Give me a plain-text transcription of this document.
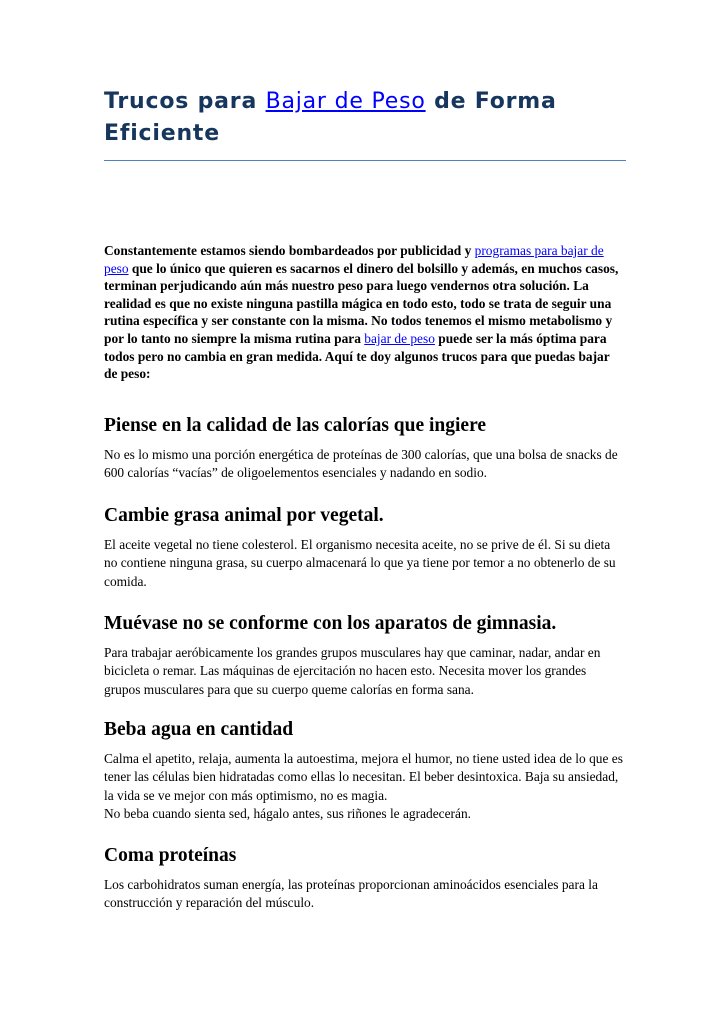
Trucos para Bajar de Peso de Forma Eficiente

Constantemente estamos siendo bombardeados por publicidad y programas para bajar de peso que lo único que quieren es sacarnos el dinero del bolsillo y además, en muchos casos, terminan perjudicando aún más nuestro peso para luego vendernos otra solución. La realidad es que no existe ninguna pastilla mágica en todo esto, todo se trata de seguir una rutina específica y ser constante con la misma. No todos tenemos el mismo metabolismo y por lo tanto no siempre la misma rutina para bajar de peso puede ser la más óptima para todos pero no cambia en gran medida. Aquí te doy algunos trucos para que puedas bajar de peso:

Piense en la calidad de las calorías que ingiere

No es lo mismo una porción energética de proteínas de 300 calorías, que una bolsa de snacks de 600 calorías “vacías” de oligoelementos esenciales y nadando en sodio.

Cambie grasa animal por vegetal.

El aceite vegetal no tiene colesterol. El organismo necesita aceite, no se prive de él. Si su dieta no contiene ninguna grasa, su cuerpo almacenará lo que ya tiene por temor a no obtenerlo de su comida.

Muévase no se conforme con los aparatos de gimnasia.

Para trabajar aeróbicamente los grandes grupos musculares hay que caminar, nadar, andar en bicicleta o remar. Las máquinas de ejercitación no hacen esto. Necesita mover los grandes grupos musculares para que su cuerpo queme calorías en forma sana.

Beba agua en cantidad

Calma el apetito, relaja, aumenta la autoestima, mejora el humor, no tiene usted idea de lo que es tener las células bien hidratadas como ellas lo necesitan. El beber desintoxica. Baja su ansiedad, la vida se ve mejor con más optimismo, no es magia.
No beba cuando sienta sed, hágalo antes, sus riñones le agradecerán.

Coma proteínas

Los carbohidratos suman energía, las proteínas proporcionan aminoácidos esenciales para la construcción y reparación del músculo.
